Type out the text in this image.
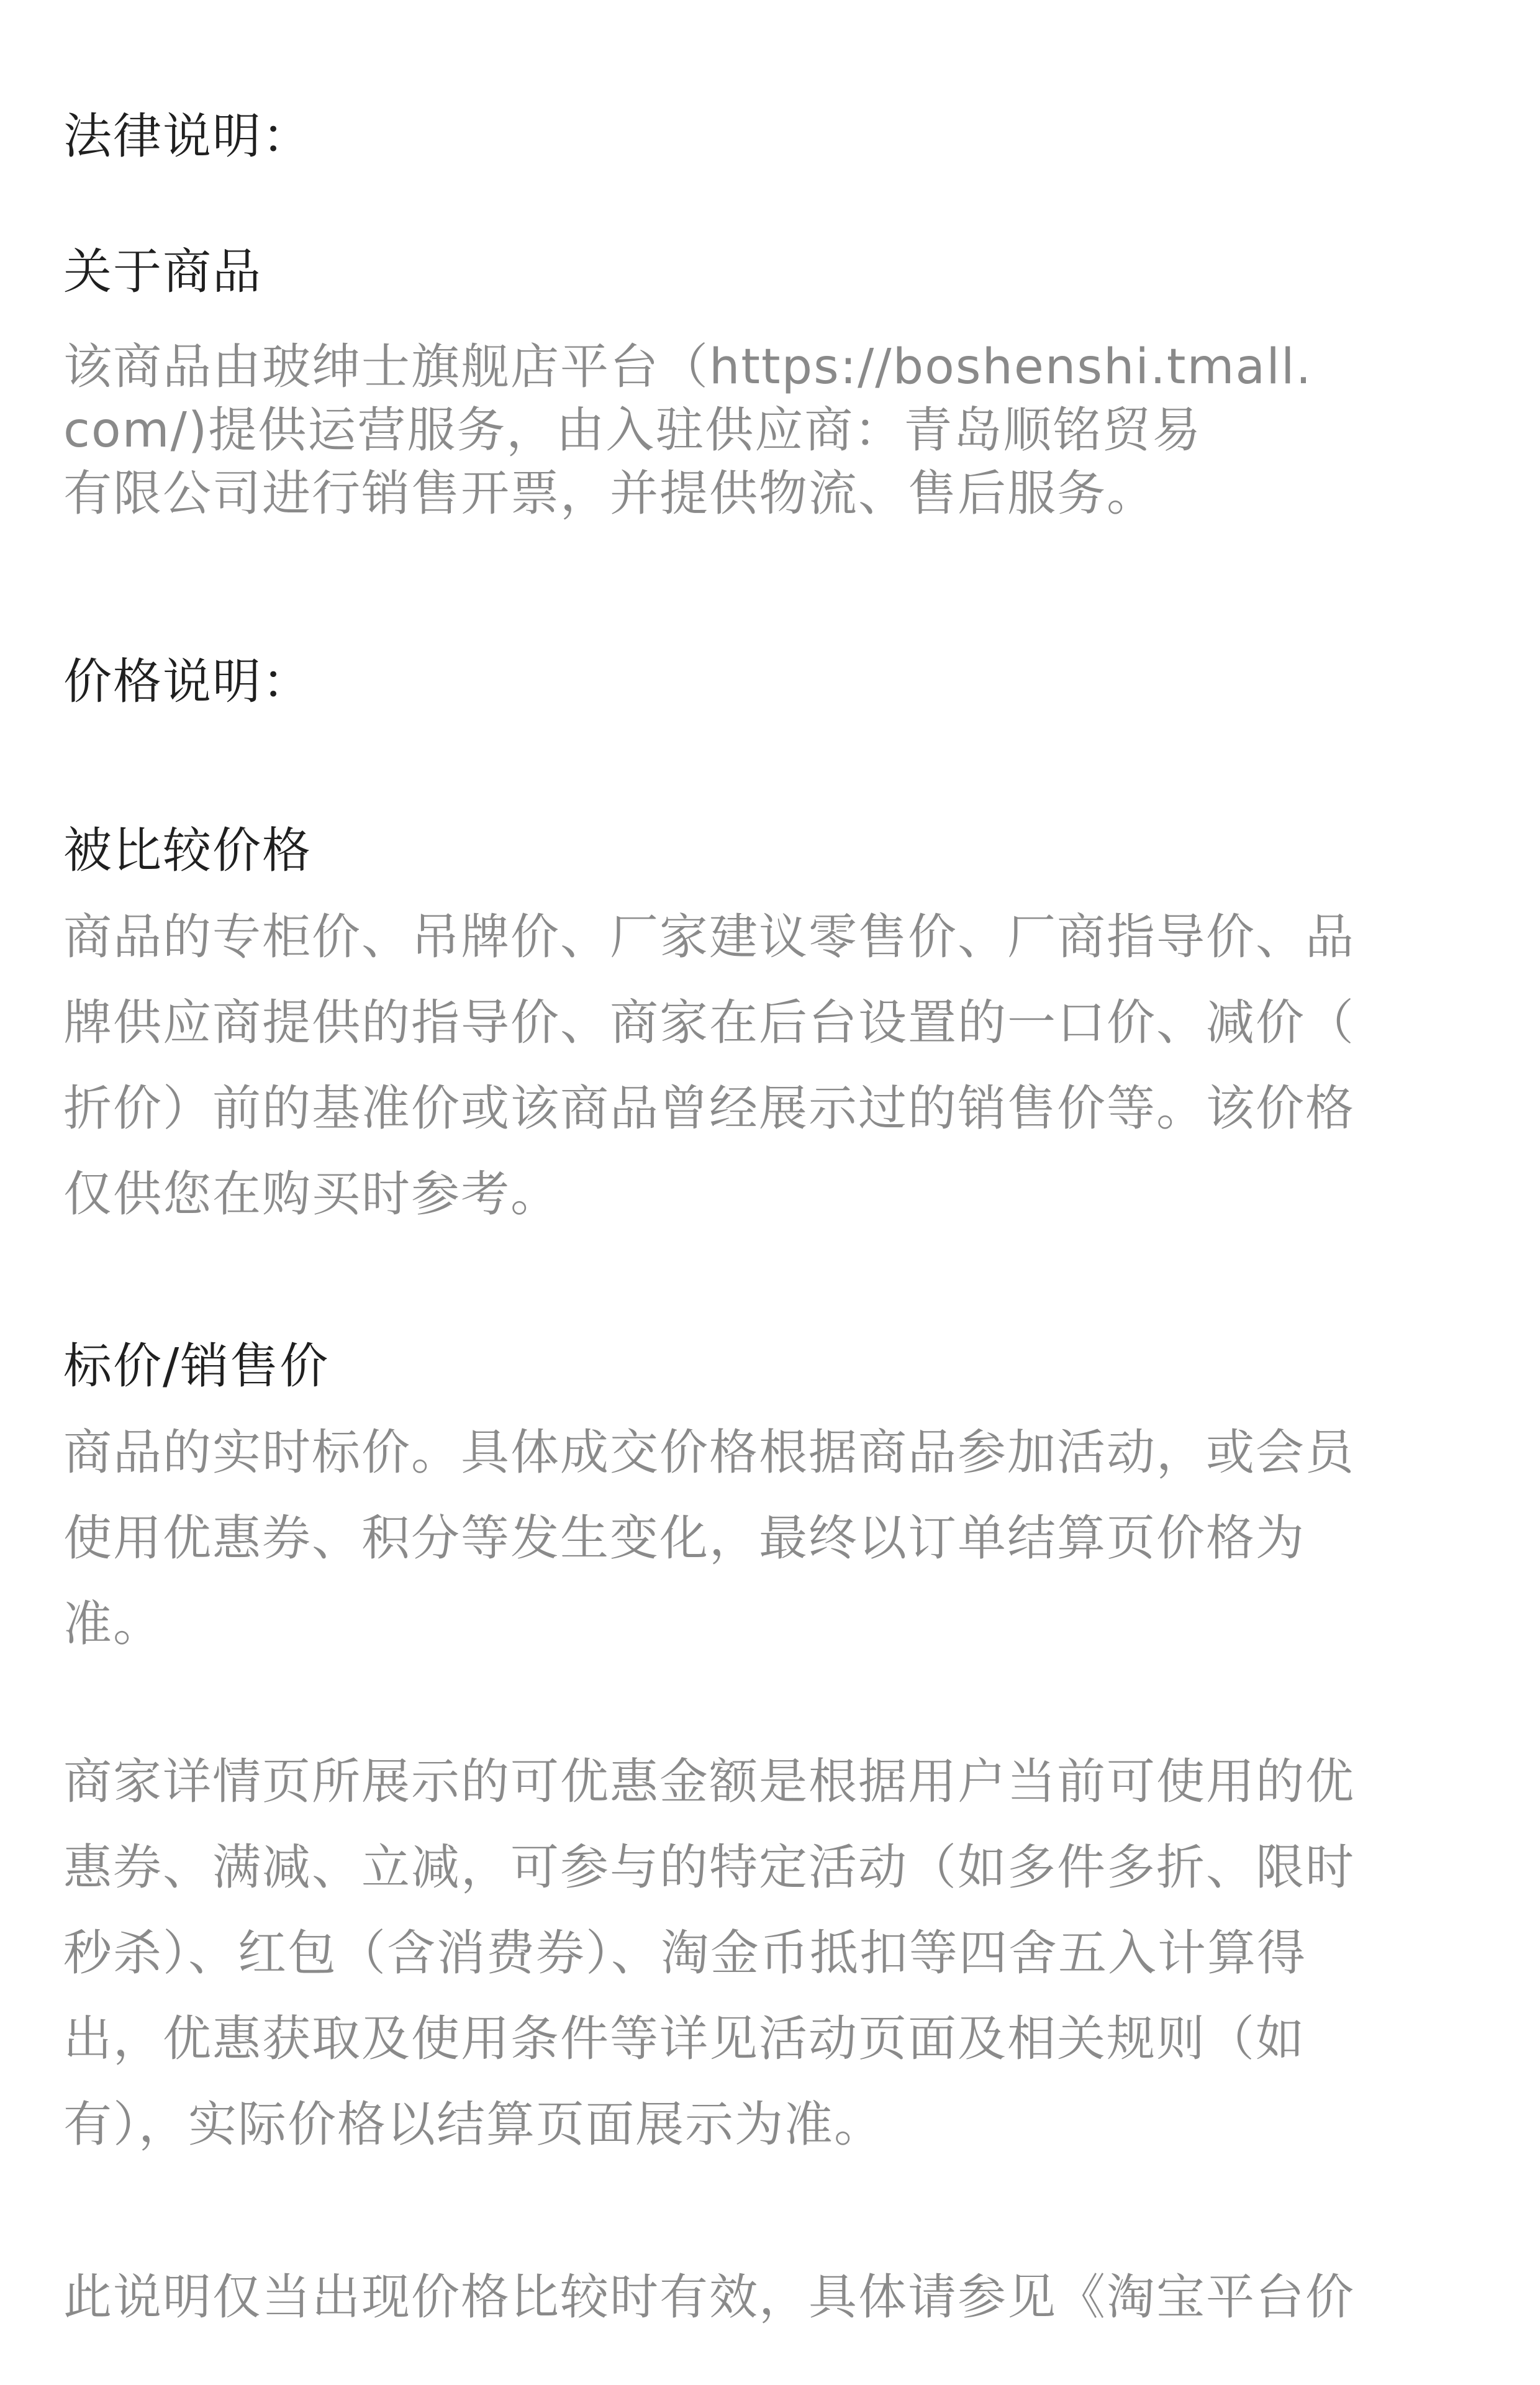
法律说明：
关于商品
该商品由玻绅士旗舰店平台（https://boshenshi.tmall.
com/)提供运营服务，由入驻供应商：青岛顺铭贸易
有限公司进行销售开票，并提供物流、售后服务。
价格说明：
被比较价格
商品的专柜价、吊牌价、厂家建议零售价、厂商指导价、品
牌供应商提供的指导价、商家在后台设置的一口价、减价（
折价）前的基准价或该商品曾经展示过的销售价等。该价格
仅供您在购买时参考。
标价/销售价
商品的实时标价。具体成交价格根据商品参加活动，或会员
使用优惠券、积分等发生变化，最终以订单结算页价格为
准。
商家详情页所展示的可优惠金额是根据用户当前可使用的优
惠券、满减、立减，可参与的特定活动（如多件多折、限时
秒杀）、红包（含消费券）、淘金币抵扣等四舍五入计算得
出，优惠获取及使用条件等详见活动页面及相关规则（如
有），实际价格以结算页面展示为准。
此说明仅当出现价格比较时有效，具体请参见《淘宝平台价
